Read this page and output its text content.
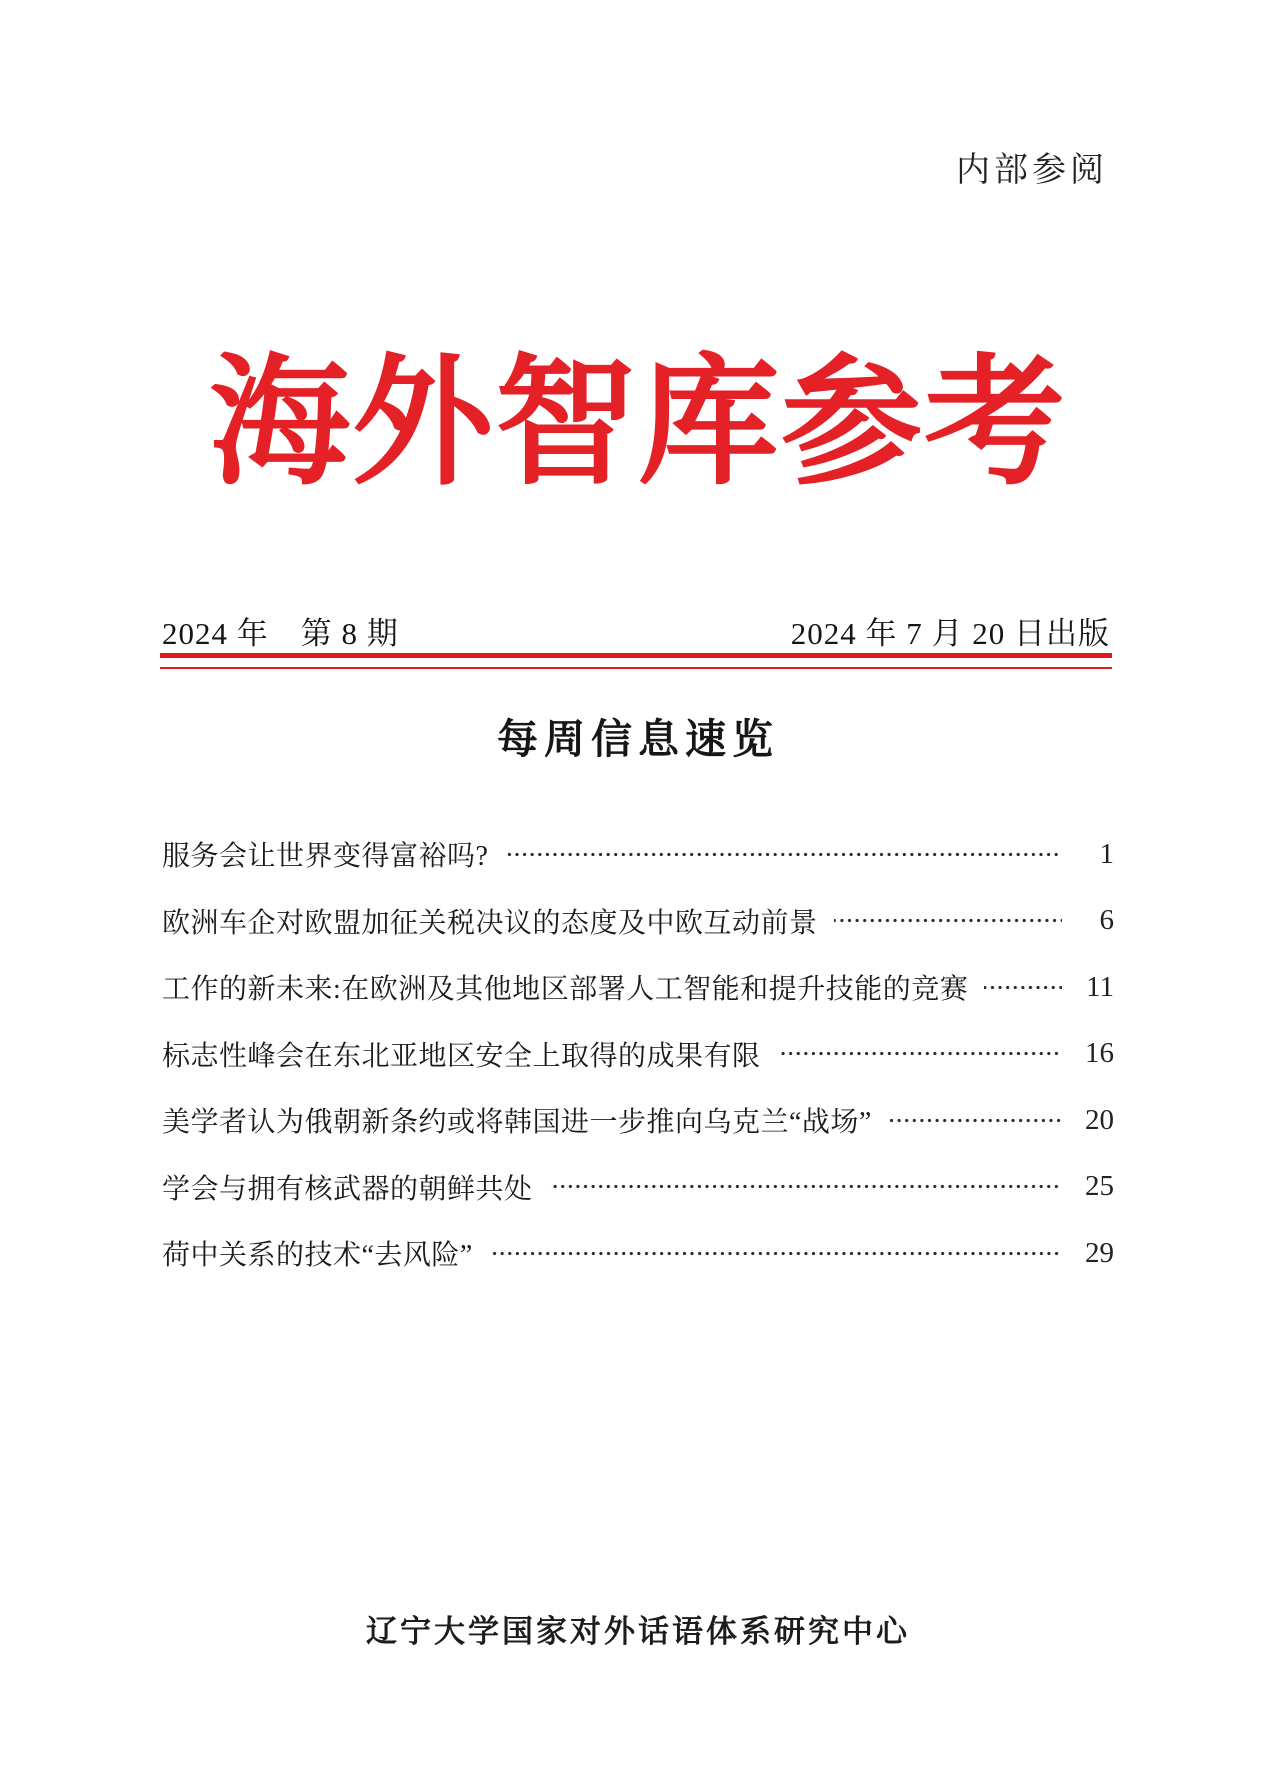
内部参阅
海外智库参考
2024 年　第 8 期	2024 年 7 月 20 日出版
每周信息速览
服务会让世界变得富裕吗?	1
欧洲车企对欧盟加征关税决议的态度及中欧互动前景	6
工作的新未来:在欧洲及其他地区部署人工智能和提升技能的竞赛	11
标志性峰会在东北亚地区安全上取得的成果有限	16
美学者认为俄朝新条约或将韩国进一步推向乌克兰“战场”	20
学会与拥有核武器的朝鲜共处	25
荷中关系的技术“去风险”	29
辽宁大学国家对外话语体系研究中心
